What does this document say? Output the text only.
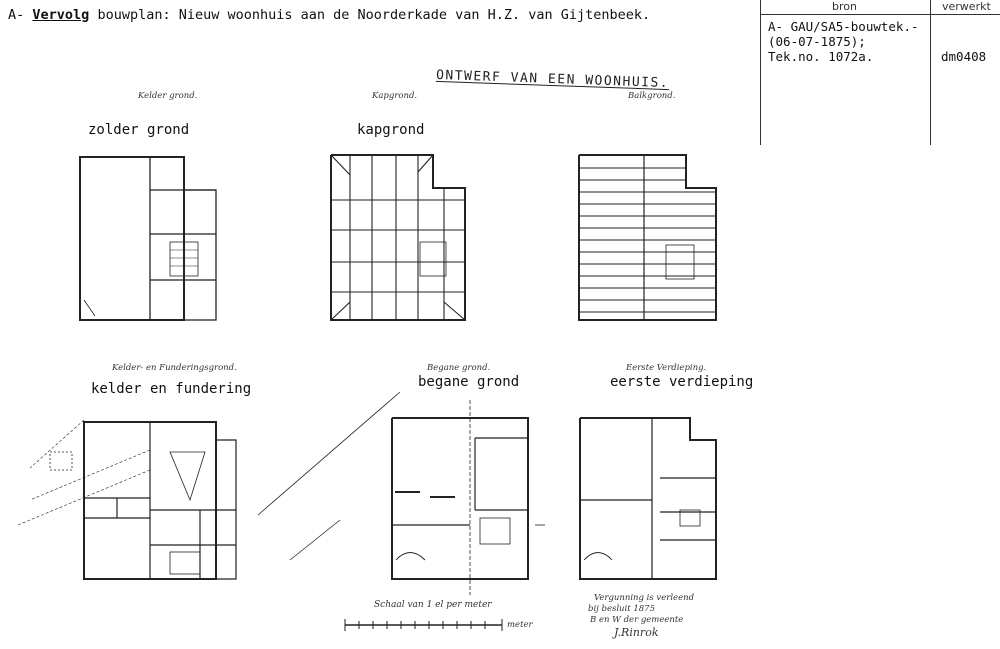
A- Vervolg bouwplan: Nieuw woonhuis aan de Noorderkade van H.Z. van Gijtenbeek.
bron	verwerkt
A- GAU/SA5-bouwtek.-
(06-07-1875);
Tek.no. 1072a.	dm0408
ONTWERF VAN EEN WOONHUIS.
Kelder grond.	Kapgrond.	Balkgrond.
Kelder- en Funderingsgrond.	Begane grond.	Eerste Verdieping.
zolder grond	kapgrond
kelder en fundering	begane grond	eerste verdieping
Schaal van 1 el per meter
meter
Vergunning is verleend
bij besluit 1875
B en W der gemeente
J.Rinrok
